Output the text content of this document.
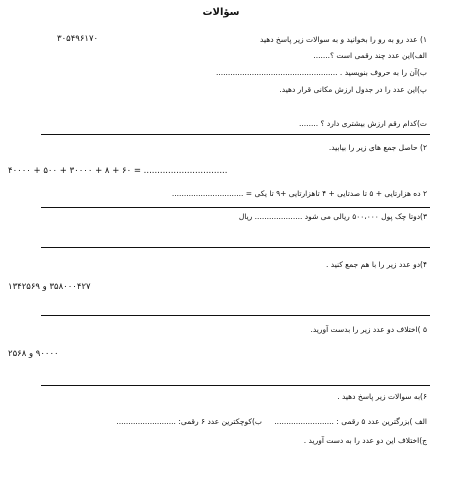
سؤالات
۱) عدد رو به رو را بخوانید و به سوالات زیر پاسخ دهید
۳۰۵۴۹۶۱۷۰
الف)این عدد چند رقمی است ؟.......
ب)آن را به حروف بنویسید . ...................................................
پ)این عدد را در جدول ارزش مکانی قرار دهید.
ت)کدام رقم ارزش بیشتری دارد ؟ ........
۲) حاصل جمع های زیر را بیابید.
۴۰۰۰۰ + ۵۰۰ + ۳۰۰۰۰ + ۸ + ۶۰ = ...............................
۲ ده هزارتایی + ۵ تا صدتایی + ۴ تاهزارتایی +۹ تا یکی = ..............................
۳)دوتا چک پول ۵۰۰،۰۰۰ ریالی می شود .................... ریال
۴)دو عدد زیر را با هم جمع کنید .
۳۵۸۰۰۰۴۲۷ و ۱۳۴۲۵۶۹
۵ )اختلاف دو عدد زیر را بدست آورید.
۹۰۰۰۰ و ۲۵۶۸
۶)به سوالات زیر پاسخ دهید .
الف )بزرگترین عدد ۵ رقمی : .........................
ب)کوچکترین عدد ۶ رقمی: .........................
ج)اختلاف این دو عدد را به دست آورید .
